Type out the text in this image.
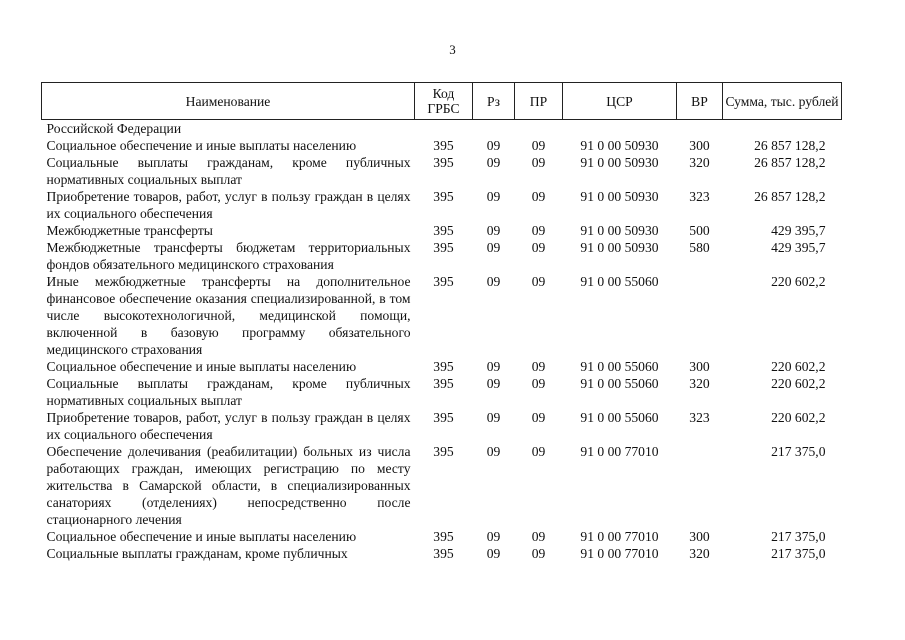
3
Наименование	Код ГРБС	Рз	ПР	ЦСР	ВР	Сумма, тыс. рублей
Российской Федерации						
Социальное обеспечение и иные выплаты населению	395	09	09	91 0 00 50930	300	26 857 128,2
Социальные выплаты гражданам, кроме публичных нормативных социальных выплат	395	09	09	91 0 00 50930	320	26 857 128,2
Приобретение товаров, работ, услуг в пользу граждан в целях их социального обеспечения	395	09	09	91 0 00 50930	323	26 857 128,2
Межбюджетные трансферты	395	09	09	91 0 00 50930	500	429 395,7
Межбюджетные трансферты бюджетам территориальных фондов обязательного медицинского страхования	395	09	09	91 0 00 50930	580	429 395,7
Иные межбюджетные трансферты на дополнительное финансовое обеспечение оказания специализированной, в том числе высокотехнологичной, медицинской помощи, включенной в базовую программу обязательного медицинского страхования	395	09	09	91 0 00 55060		220 602,2
Социальное обеспечение и иные выплаты населению	395	09	09	91 0 00 55060	300	220 602,2
Социальные выплаты гражданам, кроме публичных нормативных социальных выплат	395	09	09	91 0 00 55060	320	220 602,2
Приобретение товаров, работ, услуг в пользу граждан в целях их социального обеспечения	395	09	09	91 0 00 55060	323	220 602,2
Обеспечение долечивания (реабилитации) больных из числа работающих граждан, имеющих регистрацию по месту жительства в Самарской области, в специализированных санаториях (отделениях) непосредственно после стационарного лечения	395	09	09	91 0 00 77010		217 375,0
Социальное обеспечение и иные выплаты населению	395	09	09	91 0 00 77010	300	217 375,0
Социальные выплаты гражданам, кроме публичных	395	09	09	91 0 00 77010	320	217 375,0
